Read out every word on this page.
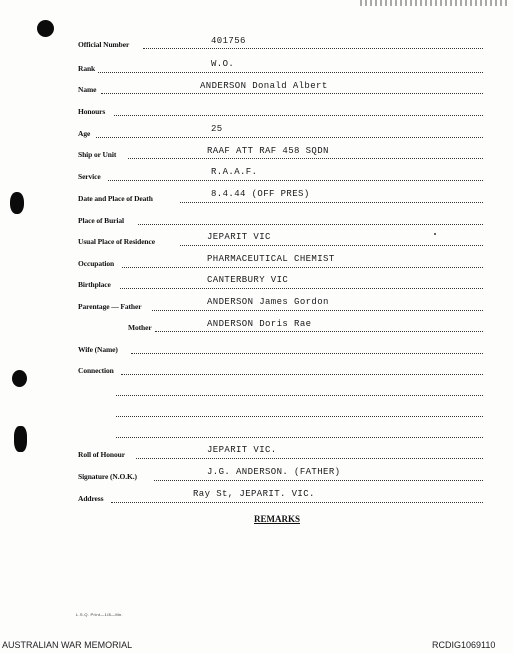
Official Number	401756
Rank	W.O.
Name	ANDERSON Donald Albert
Honours
Age	25
Ship or Unit	RAAF ATT RAF 458 SQDN
Service	R.A.A.F.
Date and Place of Death	8.4.44 (OFF PRES)
Place of Burial
Usual Place of Residence	JEPARIT VIC
Occupation	PHARMACEUTICAL CHEMIST
Birthplace	CANTERBURY VIC
Parentage — Father	ANDERSON James Gordon
Mother	ANDERSON Doris Rae
Wife (Name)
Connection
Roll of Honour	JEPARIT VIC.
Signature (N.O.K.)	J.G. ANDERSON. (FATHER)
Address	Ray St, JEPARIT. VIC.
REMARKS
L.S.Q. Print—1/8—Mn.
AUSTRALIAN WAR MEMORIAL	RCDIG1069110
